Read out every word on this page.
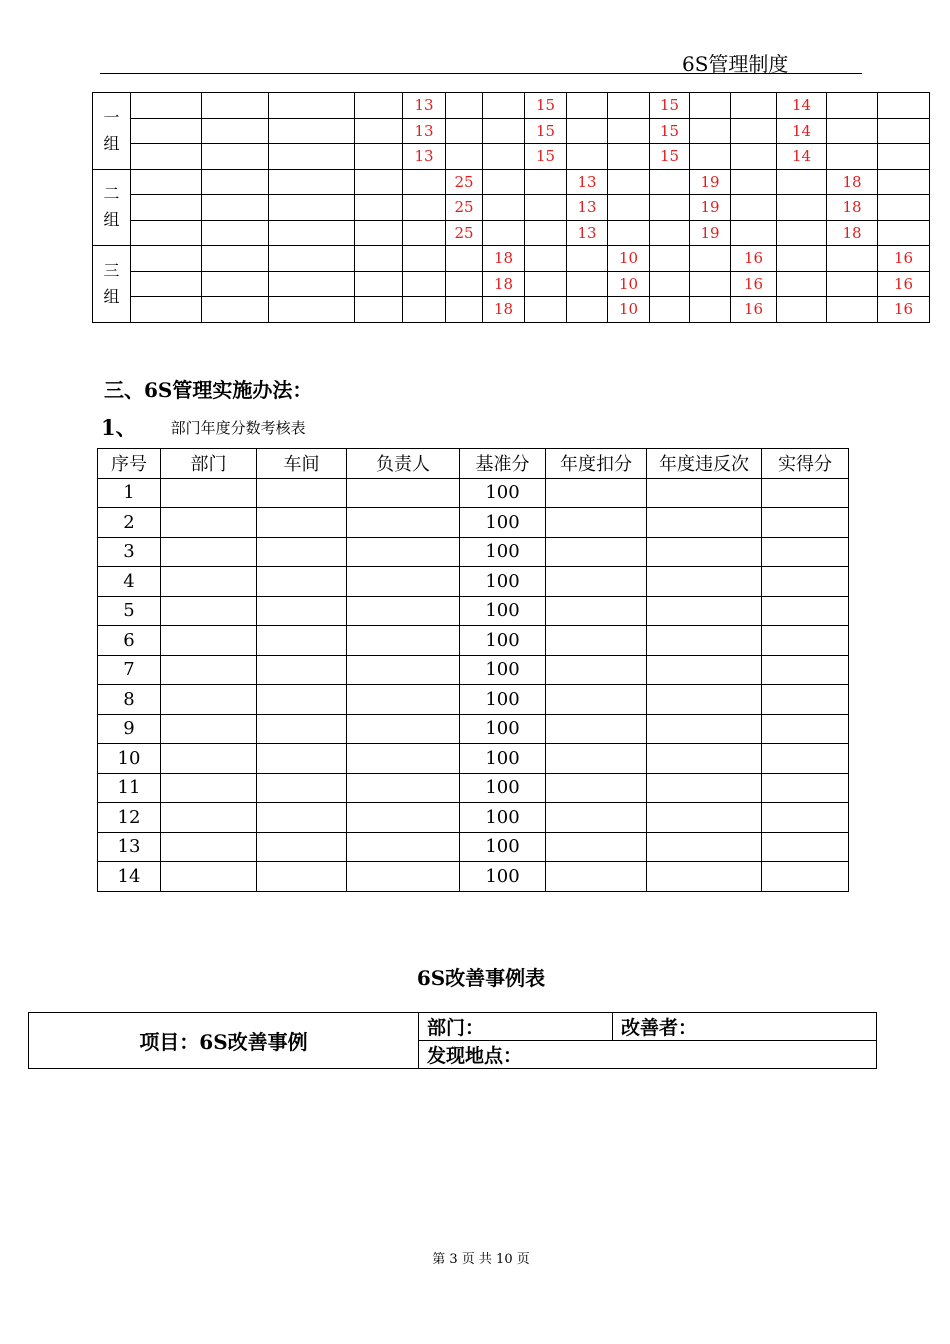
6S管理制度
一
组					13			15			15			14		
					13			15			15			14		
					13			15			15			14		
二
组						25			13			19			18	
						25			13			19			18	
						25			13			19			18	
三
组							18			10			16			16
							18			10			16			16
							18			10			16			16
三、6S管理实施办法：
1、 部门年度分数考核表
序号	部门	车间	负责人	基准分	年度扣分	年度违反次	实得分
1				100			
2				100			
3				100			
4				100			
5				100			
6				100			
7				100			
8				100			
9				100			
10				100			
11				100			
12				100			
13				100			
14				100			
6S改善事例表
项目：6S改善事例	部门：	改善者：
发现地点：
第 3 页 共 10 页
